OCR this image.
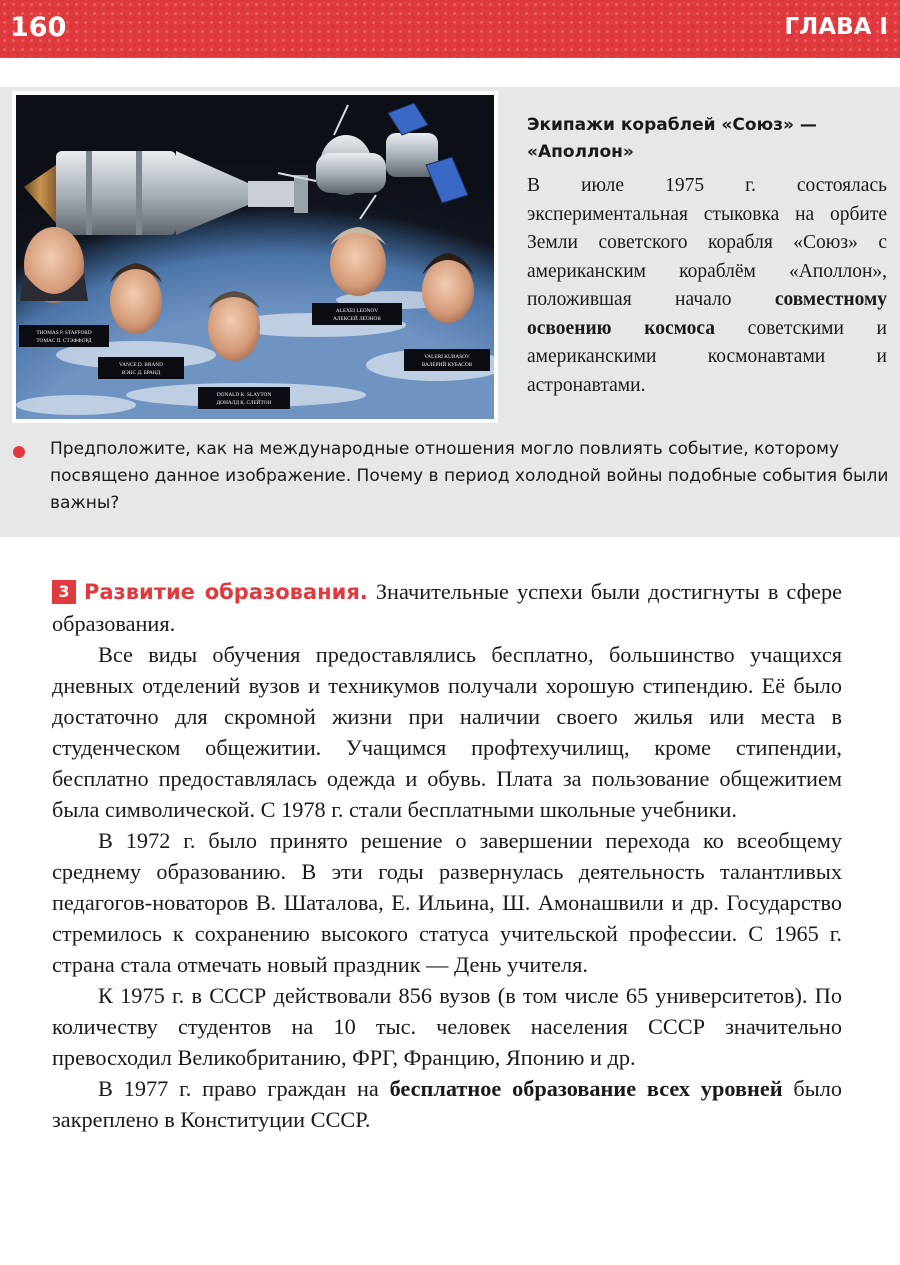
160	ГЛАВА I
THOMAS P. STAFFORD
ТОМАС П. СТЭФФОРД
VANCE D. BRAND
ВЭНС Д. БРАНД
DONALD K. SLAYTON
ДОНАЛД К. СЛЕЙТОН
ALEXEI LEONOV
АЛЕКСЕЙ ЛЕОНОВ
VALERI KUBASOV
ВАЛЕРИЙ КУБАСОВ
Экипажи кораблей «Союз» — «Аполлон»
В июле 1975 г. состоялась экспериментальная стыковка на орбите Земли советского корабля «Союз» с американским кораблём «Аполлон», положившая начало совместному освоению космоса советскими и американскими космонавтами и астронавтами.
Предположите, как на международные отношения могло повлиять событие, которому посвящено данное изображение. Почему в период холодной войны подобные события были важны?

3 Развитие образования. Значительные успехи были достигнуты в сфере образования.

Все виды обучения предоставлялись бесплатно, большинство учащихся дневных отделений вузов и техникумов получали хорошую стипендию. Её было достаточно для скромной жизни при наличии своего жилья или места в студенческом общежитии. Учащимся профтехучилищ, кроме стипендии, бесплатно предоставлялась одежда и обувь. Плата за пользование общежитием была символической. С 1978 г. стали бесплатными школьные учебники.

В 1972 г. было принято решение о завершении перехода ко всеобщему среднему образованию. В эти годы развернулась деятельность талантливых педагогов-новаторов В. Шаталова, Е. Ильина, Ш. Амонашвили и др. Государство стремилось к сохранению высокого статуса учительской профессии. С 1965 г. страна стала отмечать новый праздник — День учителя.

К 1975 г. в СССР действовали 856 вузов (в том числе 65 университетов). По количеству студентов на 10 тыс. человек населения СССР значительно превосходил Великобританию, ФРГ, Францию, Японию и др.

В 1977 г. право граждан на бесплатное образование всех уровней было закреплено в Конституции СССР.
